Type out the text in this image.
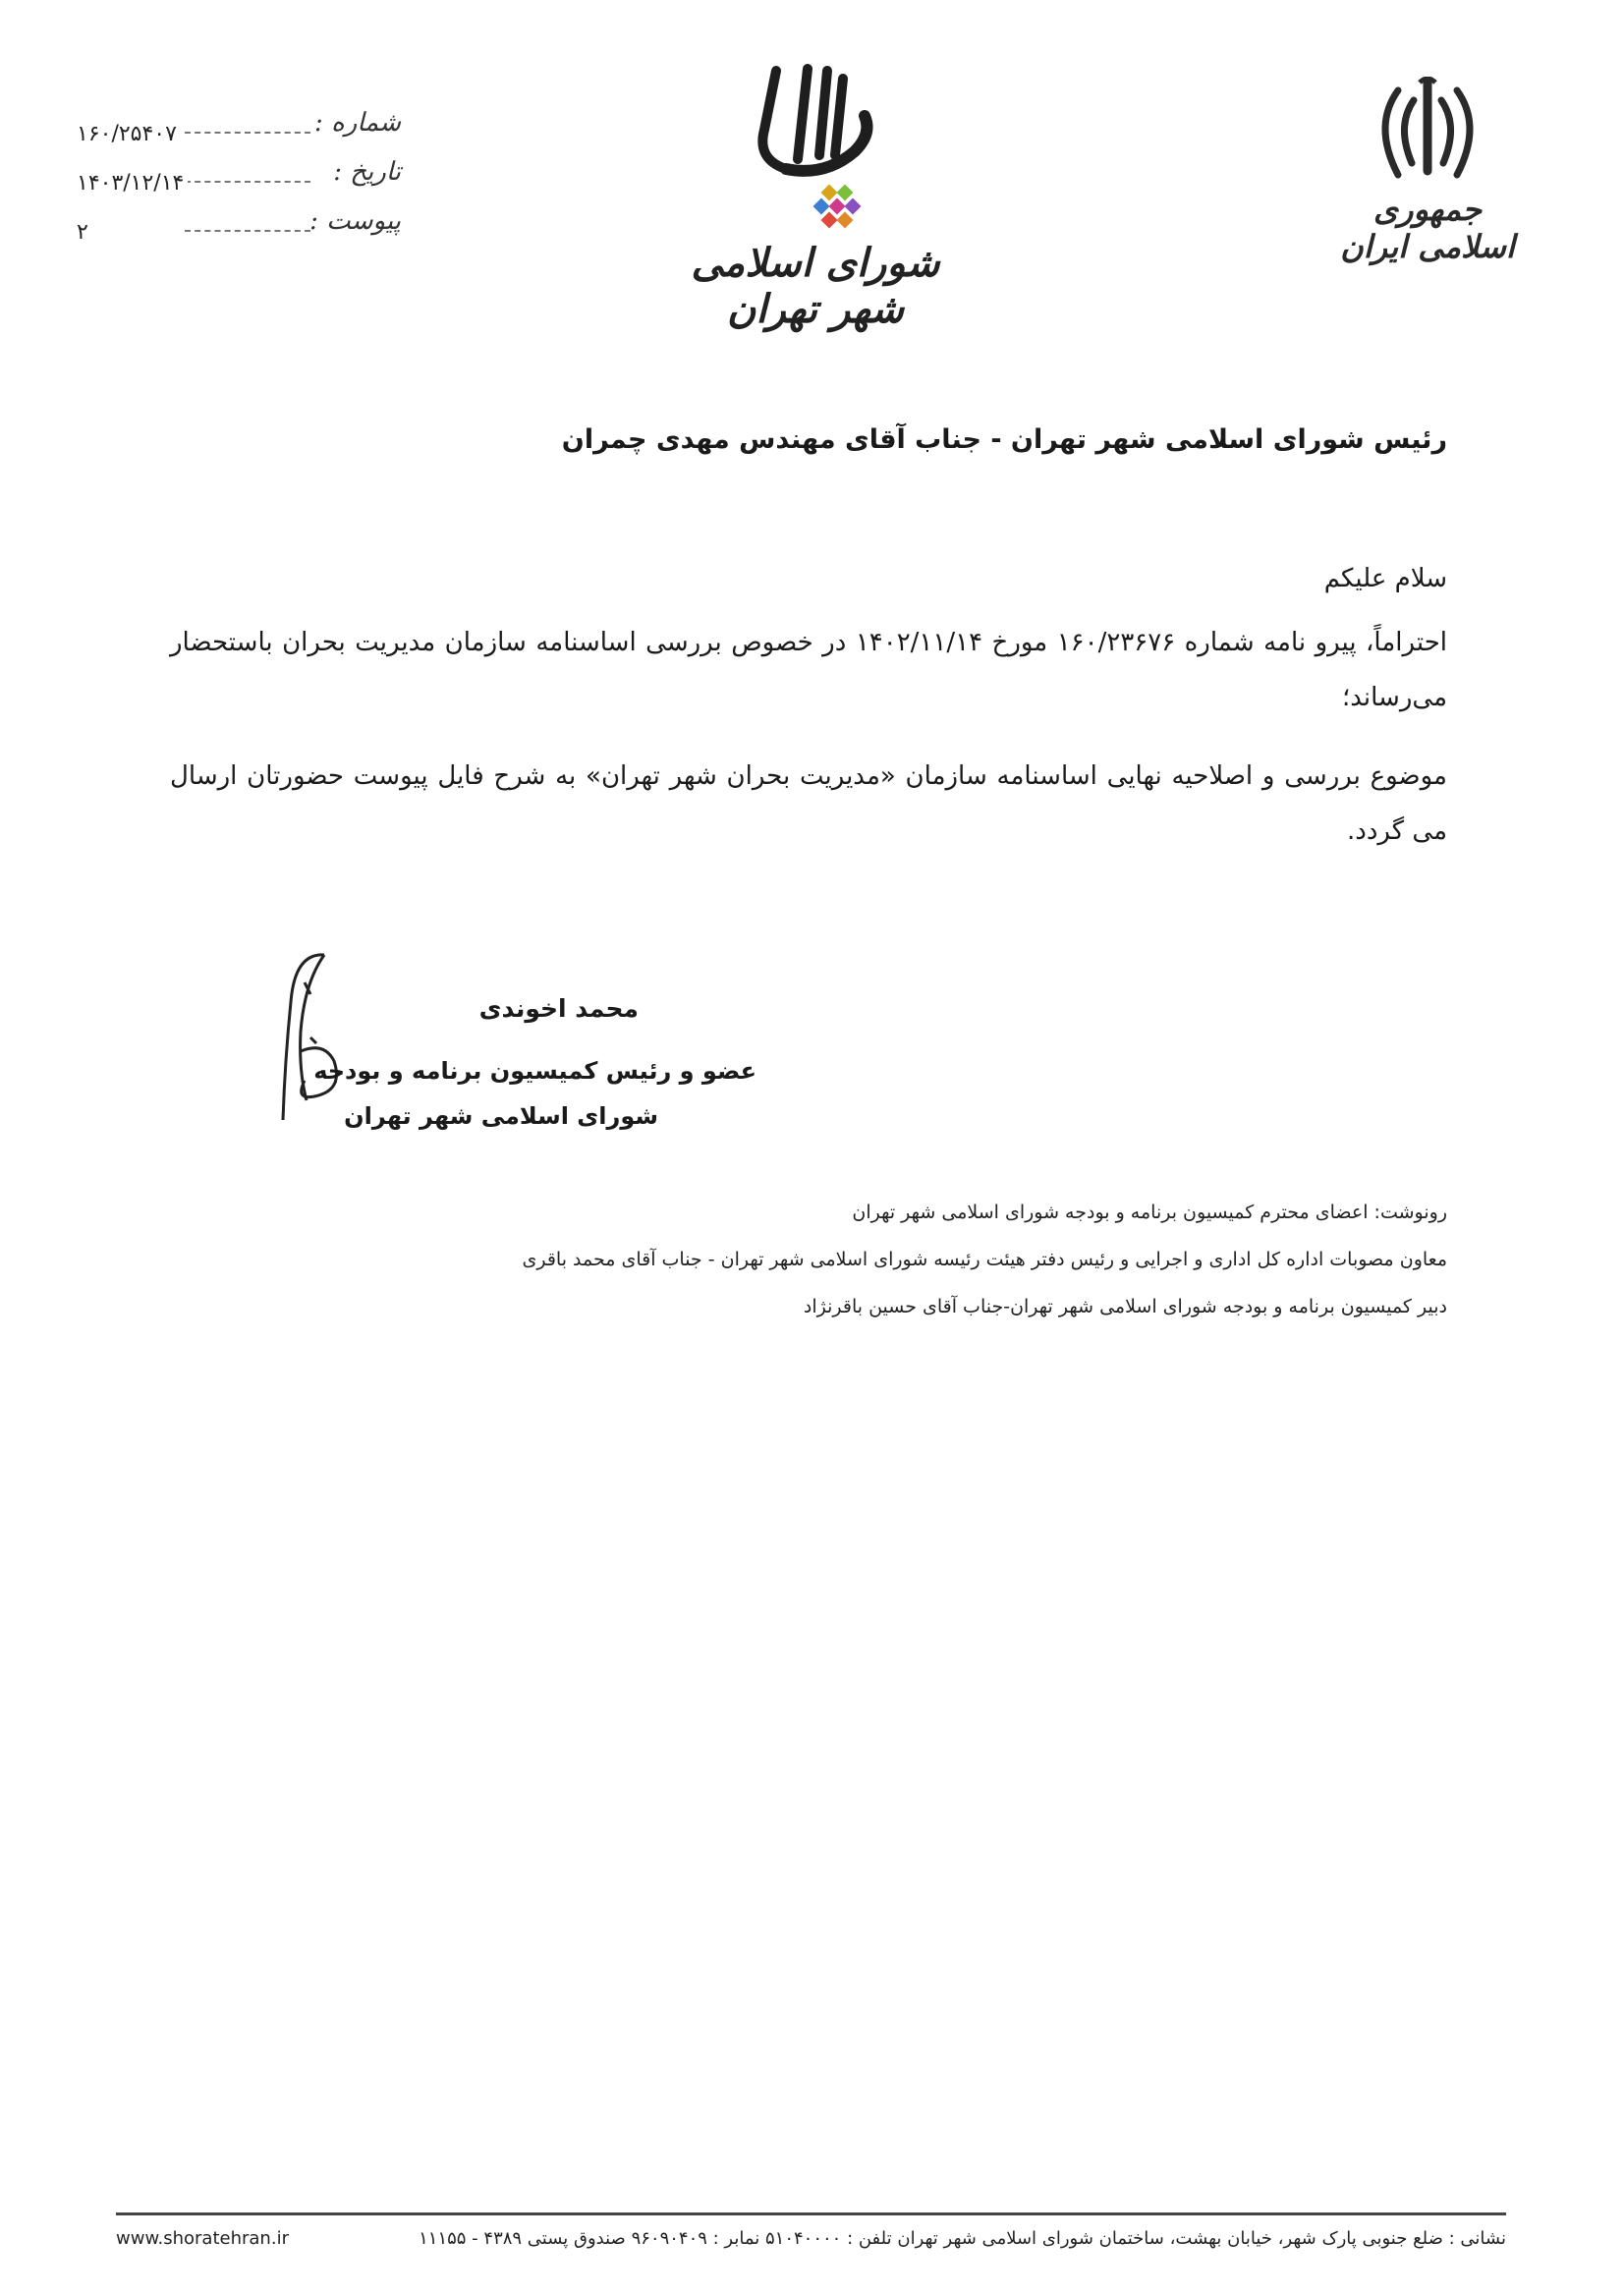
جمهوری اسلامی ایران
شورای اسلامی شهر تهران
شماره :
۱۶۰/۲۵۴۰۷
تاریخ :
۱۴۰۳/۱۲/۱۴
پیوست :
۲
رئیس شورای اسلامی شهر تهران - جناب آقای مهندس مهدی چمران
سلام علیکم
احتراماً، پیرو نامه شماره ۱۶۰/۲۳۶۷۶ مورخ ۱۴۰۲/۱۱/۱۴ در خصوص بررسی اساسنامه سازمان مدیریت بحران باستحضار می‌رساند؛
موضوع بررسی و اصلاحیه نهایی اساسنامه سازمان «مدیریت بحران شهر تهران» به شرح فایل پیوست حضورتان ارسال می گردد.
محمد اخوندی
عضو و رئیس کمیسیون برنامه و بودجه
شورای اسلامی شهر تهران
رونوشت: اعضای محترم کمیسیون برنامه و بودجه شورای اسلامی شهر تهران
معاون مصوبات اداره کل اداری و اجرایی و رئیس دفتر هیئت رئیسه شورای اسلامی شهر تهران - جناب آقای محمد باقری
دبیر کمیسیون برنامه و بودجه شورای اسلامی شهر تهران-جناب آقای حسین باقرنژاد
نشانی : ضلع جنوبی پارک شهر، خیابان بهشت، ساختمان شورای اسلامی شهر تهران تلفن : ۵۱۰۴۰۰۰۰ نمابر : ۹۶۰۹۰۴۰۹ صندوق پستی ۴۳۸۹ - ۱۱۱۵۵
www.shoratehran.ir
